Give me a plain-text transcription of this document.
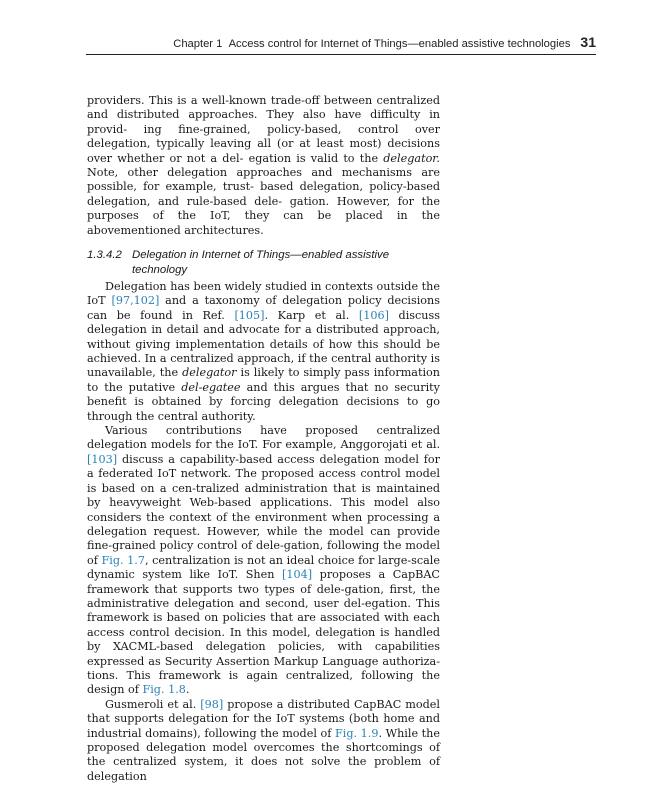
Chapter 1 Access control for Internet of Things—enabled assistive technologies 31

providers. This is a well-known trade-off between centralized and distributed approaches. They also have difficulty in provid- ing fine-grained, policy-based, control over delegation, typically leaving all (or at least most) decisions over whether or not a del- egation is valid to the delegator. Note, other delegation approaches and mechanisms are possible, for example, trust- based delegation, policy-based delegation, and rule-based dele- gation. However, for the purposes of the IoT, they can be placed in the abovementioned architectures.

1.3.4.2 Delegation in Internet of Things—enabled assistive
technology

Delegation has been widely studied in contexts outside the IoT [97,102] and a taxonomy of delegation policy decisions can be found in Ref. [105]. Karp et al. [106] discuss delegation in detail and advocate for a distributed approach, without giving implementation details of how this should be achieved. In a centralized approach, if the central authority is unavailable, the delegator is likely to simply pass information to the putative del-egatee and this argues that no security benefit is obtained by forcing delegation decisions to go through the central authority.

Various contributions have proposed centralized delegation models for the IoT. For example, Anggorojati et al. [103] discuss a capability-based access delegation model for a federated IoT network. The proposed access control model is based on a cen-tralized administration that is maintained by heavyweight Web-based applications. This model also considers the context of the environment when processing a delegation request. However, while the model can provide fine-grained policy control of dele-gation, following the model of Fig. 1.7, centralization is not an ideal choice for large-scale dynamic system like IoT. Shen [104] proposes a CapBAC framework that supports two types of dele-gation, first, the administrative delegation and second, user del-egation. This framework is based on policies that are associated with each access control decision. In this model, delegation is handled by XACML-based delegation policies, with capabilities expressed as Security Assertion Markup Language authoriza-tions. This framework is again centralized, following the design of Fig. 1.8.

Gusmeroli et al. [98] propose a distributed CapBAC model that supports delegation for the IoT systems (both home and industrial domains), following the model of Fig. 1.9. While the proposed delegation model overcomes the shortcomings of the centralized system, it does not solve the problem of delegation
